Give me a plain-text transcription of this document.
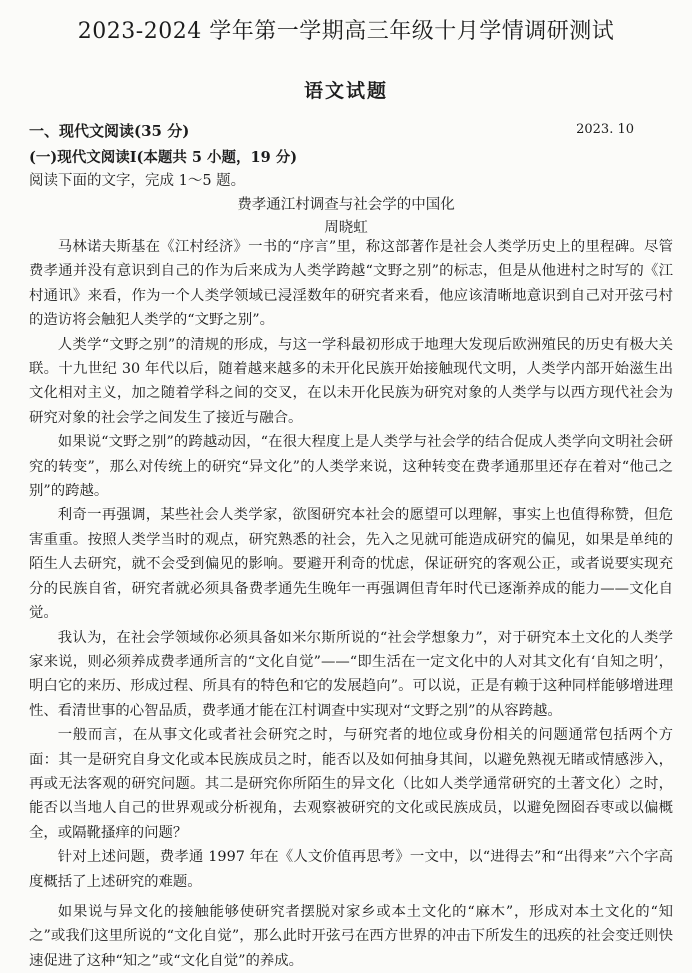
2023-2024 学年第一学期高三年级十月学情调研测试
语文试题
一、现代文阅读(35 分)	2023. 10
(一)现代文阅读Ⅰ(本题共 5 小题，19 分)
阅读下面的文字，完成 1～5 题。
费孝通江村调查与社会学的中国化
周晓虹

马林诺夫斯基在《江村经济》一书的“序言”里，称这部著作是社会人类学历史上的里程碑。尽管费孝通并没有意识到自己的作为后来成为人类学跨越“文野之别”的标志，但是从他进村之时写的《江村通讯》来看，作为一个人类学领域已浸淫数年的研究者来看，他应该清晰地意识到自己对开弦弓村的造访将会触犯人类学的“文野之别”。

人类学“文野之别”的清规的形成，与这一学科最初形成于地理大发现后欧洲殖民的历史有极大关联。十九世纪 30 年代以后，随着越来越多的未开化民族开始接触现代文明，人类学内部开始滋生出文化相对主义，加之随着学科之间的交叉，在以未开化民族为研究对象的人类学与以西方现代社会为研究对象的社会学之间发生了接近与融合。

如果说“文野之别”的跨越动因，“在很大程度上是人类学与社会学的结合促成人类学向文明社会研究的转变”，那么对传统上的研究“异文化”的人类学来说，这种转变在费孝通那里还存在着对“他己之别”的跨越。

利奇一再强调，某些社会人类学家，欲图研究本社会的愿望可以理解，事实上也值得称赞，但危害重重。按照人类学当时的观点，研究熟悉的社会，先入之见就可能造成研究的偏见，如果是单纯的陌生人去研究，就不会受到偏见的影响。要避开利奇的忧虑，保证研究的客观公正，或者说要实现充分的民族自省，研究者就必须具备费孝通先生晚年一再强调但青年时代已逐渐养成的能力——文化自觉。

我认为，在社会学领域你必须具备如米尔斯所说的“社会学想象力”，对于研究本土文化的人类学家来说，则必须养成费孝通所言的“文化自觉”——“即生活在一定文化中的人对其文化有‘自知之明’，明白它的来历、形成过程、所具有的特色和它的发展趋向”。可以说，正是有赖于这种同样能够增进理性、看清世事的心智品质，费孝通才能在江村调查中实现对“文野之别”的从容跨越。

一般而言，在从事文化或者社会研究之时，与研究者的地位或身份相关的问题通常包括两个方面：其一是研究自身文化或本民族成员之时，能否以及如何抽身其间，以避免熟视无睹或情感涉入，再或无法客观的研究问题。其二是研究你所陌生的异文化（比如人类学通常研究的土著文化）之时，能否以当地人自己的世界观或分析视角，去观察被研究的文化或民族成员，以避免囫囵吞枣或以偏概全，或隔靴搔痒的问题？

针对上述问题，费孝通 1997 年在《人文价值再思考》一文中，以“进得去”和“出得来”六个字高度概括了上述研究的难题。

如果说与异文化的接触能够使研究者摆脱对家乡或本土文化的“麻木”，形成对本土文化的“知之”或我们这里所说的“文化自觉”，那么此时开弦弓在西方世界的冲击下所发生的迅疾的社会变迁则快速促进了这种“知之”或“文化自觉”的养成。
